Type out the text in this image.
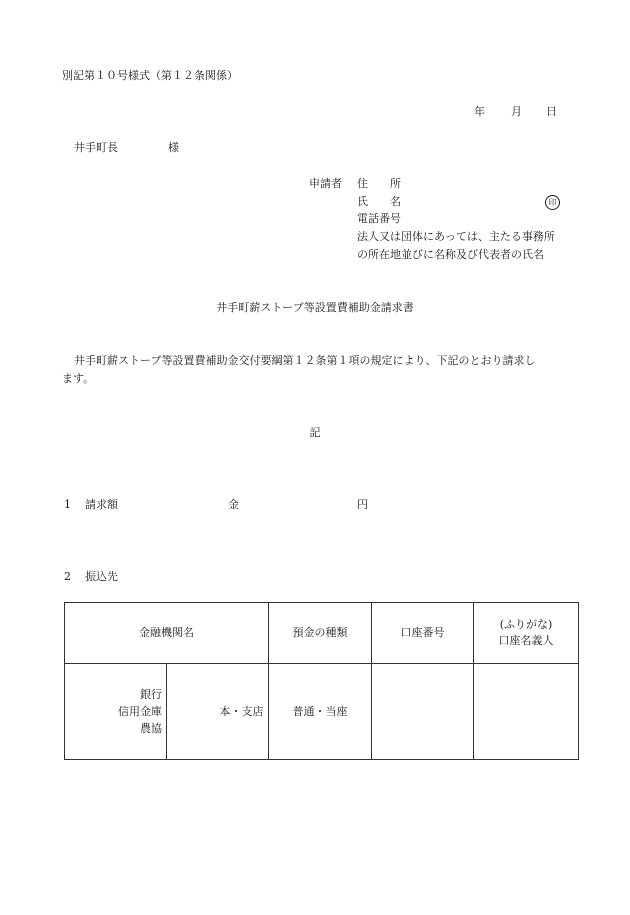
別記第１０号様式（第１２条関係）
年 月 日
井手町長	様
申請者 住　　所
氏　　名	印
電話番号
法人又は団体にあっては、主たる事務所
の所在地並びに名称及び代表者の氏名
井手町薪ストーブ等設置費補助金請求書
井手町薪ストーブ等設置費補助金交付要綱第１２条第１項の規定により、下記のとおり請求し
ます。
記
1 請求額	金	円
2 振込先
金融機関名		預金の種類	口座番号	(ふりがな)
口座名義人

銀行
信用金庫
農協	本・支店	普通・当座		
